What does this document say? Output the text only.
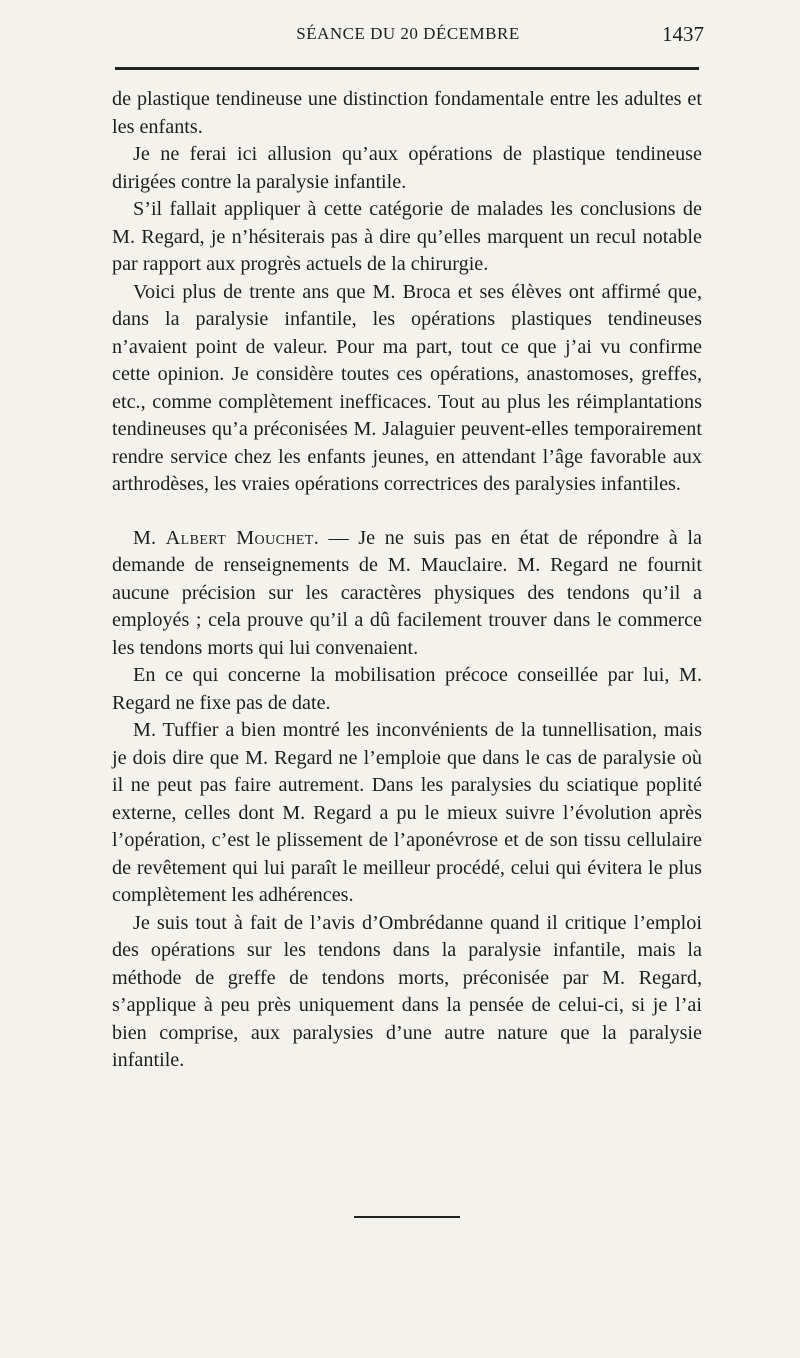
SÉANCE DU 20 DÉCEMBRE	1437

de plastique tendineuse une distinction fondamentale entre les adultes et les enfants.

Je ne ferai ici allusion qu’aux opérations de plastique tendineuse dirigées contre la paralysie infantile.

S’il fallait appliquer à cette catégorie de malades les conclusions de M. Regard, je n’hésiterais pas à dire qu’elles marquent un recul notable par rapport aux progrès actuels de la chirurgie.

Voici plus de trente ans que M. Broca et ses élèves ont affirmé que, dans la paralysie infantile, les opérations plastiques tendineuses n’avaient point de valeur. Pour ma part, tout ce que j’ai vu confirme cette opinion. Je considère toutes ces opérations, anastomoses, greffes, etc., comme complètement inefficaces. Tout au plus les réimplantations tendineuses qu’a préconisées M. Jalaguier peuvent-elles temporairement rendre service chez les enfants jeunes, en attendant l’âge favorable aux arthrodèses, les vraies opérations correctrices des paralysies infantiles.

M. Albert Mouchet. — Je ne suis pas en état de répondre à la demande de renseignements de M. Mauclaire. M. Regard ne fournit aucune précision sur les caractères physiques des tendons qu’il a employés ; cela prouve qu’il a dû facilement trouver dans le commerce les tendons morts qui lui convenaient.

En ce qui concerne la mobilisation précoce conseillée par lui, M. Regard ne fixe pas de date.

M. Tuffier a bien montré les inconvénients de la tunnellisation, mais je dois dire que M. Regard ne l’emploie que dans le cas de paralysie où il ne peut pas faire autrement. Dans les paralysies du sciatique poplité externe, celles dont M. Regard a pu le mieux suivre l’évolution après l’opération, c’est le plissement de l’aponévrose et de son tissu cellulaire de revêtement qui lui paraît le meilleur procédé, celui qui évitera le plus complètement les adhérences.

Je suis tout à fait de l’avis d’Ombrédanne quand il critique l’emploi des opérations sur les tendons dans la paralysie infantile, mais la méthode de greffe de tendons morts, préconisée par M. Regard, s’applique à peu près uniquement dans la pensée de celui-ci, si je l’ai bien comprise, aux paralysies d’une autre nature que la paralysie infantile.
